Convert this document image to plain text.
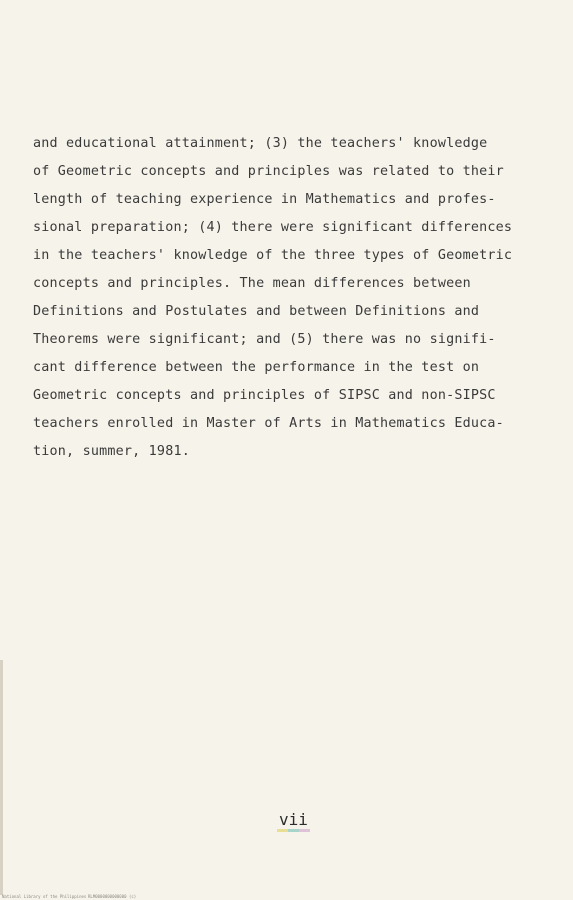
and educational attainment; (3) the teachers' knowledge
of Geometric concepts and principles was related to their
length of teaching experience in Mathematics and profes-
sional preparation; (4) there were significant differences
in the teachers' knowledge of the three types of Geometric
concepts and principles. The mean differences between
Definitions and Postulates and between Definitions and
Theorems were significant; and (5) there was no signifi-
cant difference between the performance in the test on
Geometric concepts and principles of SIPSC and non-SIPSC
teachers enrolled in Master of Arts in Mathematics Educa-
tion, summer, 1981.
vii
National Library of the Philippines RLM0000000000000 (c)
